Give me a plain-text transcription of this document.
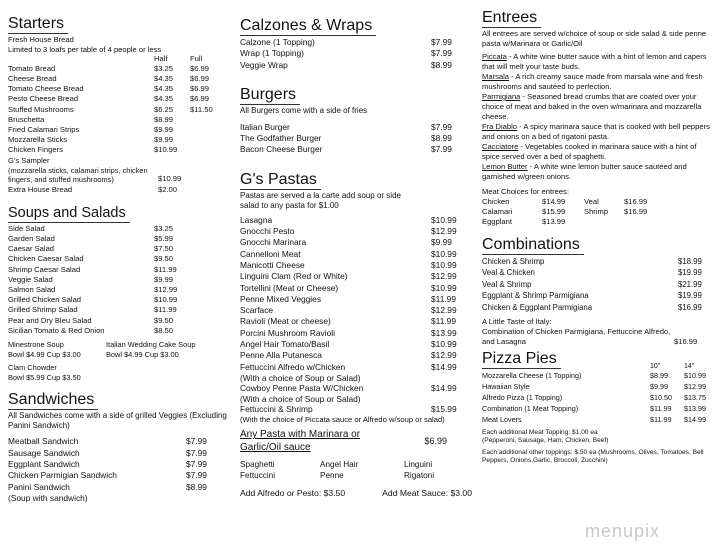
Starters
Fresh House Bread
Limited to 3 loafs per table of 4 people or less
Half	Full
Tomato Bread	$3.25	$6.99
Cheese Bread	$4.35	$6.99
Tomato Cheese Bread	$4.35	$6.99
Pesto Cheese Bread	$4.35	$6.99
Stuffed Mushrooms	$6.25	$11.50
Bruschetta	$8.99
Fried Calamari Strips	$9.99
Mozzarella Sticks	$9.99
Chicken Fingers	$10.99
G's Sampler
(mozzarella sticks, calamari strips, chicken fingers, and stuffed mushrooms)	$10.99
Extra House Bread	$2.00
Soups and Salads
Side Salad	$3.25
Garden Salad	$5.99
Caesar Salad	$7.50
Chicken Caesar Salad	$9.50
Shrimp Caesar Salad	$11.99
Veggie Salad	$9.99
Salmon Salad	$12.99
Grilled Chicken Salad	$10.99
Grilled Shrimp Salad	$11.99
Pear and Dry Bleu Salad	$9.50
Sicilian Tomato & Red Onion	$8.50
Minestrone Soup
Bowl $4.99 Cup $3.00
Italian Wedding Cake Soup
Bowl $4.99 Cup $3.00
Clam Chowder
Bowl $5.99 Cup $3.50
Sandwiches
All Sandwiches come with a side of grilled Veggies (Excluding Panini Sandwich)
Meatball Sandwich	$7.99
Sausage Sandwich	$7.99
Eggplant Sandwich	$7.99
Chicken Parmigian Sandwich	$7.99
Panini Sandwich	$8.99
(Soup with sandwich)
Calzones & Wraps
Calzone (1 Topping)	$7.99
Wrap (1 Topping)	$7.99
Veggie Wrap	$8.99
Burgers
All Burgers come with a side of fries
Italian Burger	$7.99
The Godfather Burger	$8.99
Bacon Cheese Burger	$7.99
G's Pastas
Pastas are served a la carte add soup or side salad to any pasta for $1.00
Lasagna	$10.99
Gnocchi Pesto	$12.99
Gnocchi Marinara	$9.99
Cannelloni Meat	$10.99
Manicotti Cheese	$10.99
Linguini Clam (Red or White)	$12.99
Tortellini (Meat or Cheese)	$10.99
Penne Mixed Veggies	$11.99
Scarface	$12.99
Ravioli (Meat or cheese)	$11.99
Porcini Mushroom Ravioli	$13.99
Angel Hair Tomato/Basil	$10.99
Penne Alla Putanesca	$12.99
Fettuccini Alfredo w/Chicken	$14.99
(With a choice of Soup or Salad)
Cowboy Penne Pasta W/Chicken	$14.99
(With a choice of Soup or Salad)
Fettuccini & Shrimp	$15.99
(With the choice of Piccata sauce or Alfredo w/soup or salad)
Any Pasta with Marinara or Garlic/Oil sauce
$6.99
Spaghetti	Angel Hair	Linguini
Fettuccini	Penne	Rigatoni
Add Alfredo or Pesto: $3.50	Add Meat Sauce: $3.00
Entrees
All entrees are served w/choice of soup or side salad & side penne pasta w/Marinara or Garlic/Oil
Piccata - A white wine butter sauce with a hint of lemon and capers that will melt your taste buds.
Marsala - A rich creamy sauce made from marsala wine and fresh mushrooms and sautéed to perfection.
Parmigiana - Seasoned bread crumbs that are coated over your choice of meat and baked in the oven w/marinara and mozzarella cheese.
Fra Diablo - A spicy marinara sauce that is cooked with bell peppers and onions on a bed of rigatoni pasta.
Cacciatore - Vegetables cooked in marinara sauce with a hint of spice served over a bed of spaghetti.
Lemon Butter - A white wine lemon butter sauce sautéed and garnished w/green onions.
Meat Choices for entrees:
Chicken	$14.99	Veal	$16.99
Calamari	$15.99	Shrimp	$16.99
Eggplant	$13.99
Combinations
Chicken & Shrimp	$18.99
Veal & Chicken	$19.99
Veal & Shrimp	$21.99
Eggplant & Shrimp Parmigiana	$19.99
Chicken & Eggplant Parmigiana	$16.99
A Little Taste of Italy:
Combination of Chicken Parmigiana, Fettuccine Alfredo, and Lasagna	$16.99
Pizza Pies	10"	14"
Mozzarella Cheese (1 Topping)	$8.99	$10.99
Hawaiian Style	$9.99	$12.99
Alfredo Pizza (1 Topping)	$10.50	$13.75
Combination (1 Meat Topping)	$11.99	$13.99
Meat Lovers	$11.99	$14.99
Each additional Meat Topping: $1.00 ea (Pepperoni, Sausage, Ham, Chicken, Beef)
Each additional other toppings: $.50 ea (Mushrooms, Olives, Tomatoes, Bell Peppers, Onions,Garlic, Broccoli, Zucchini)
menupix
